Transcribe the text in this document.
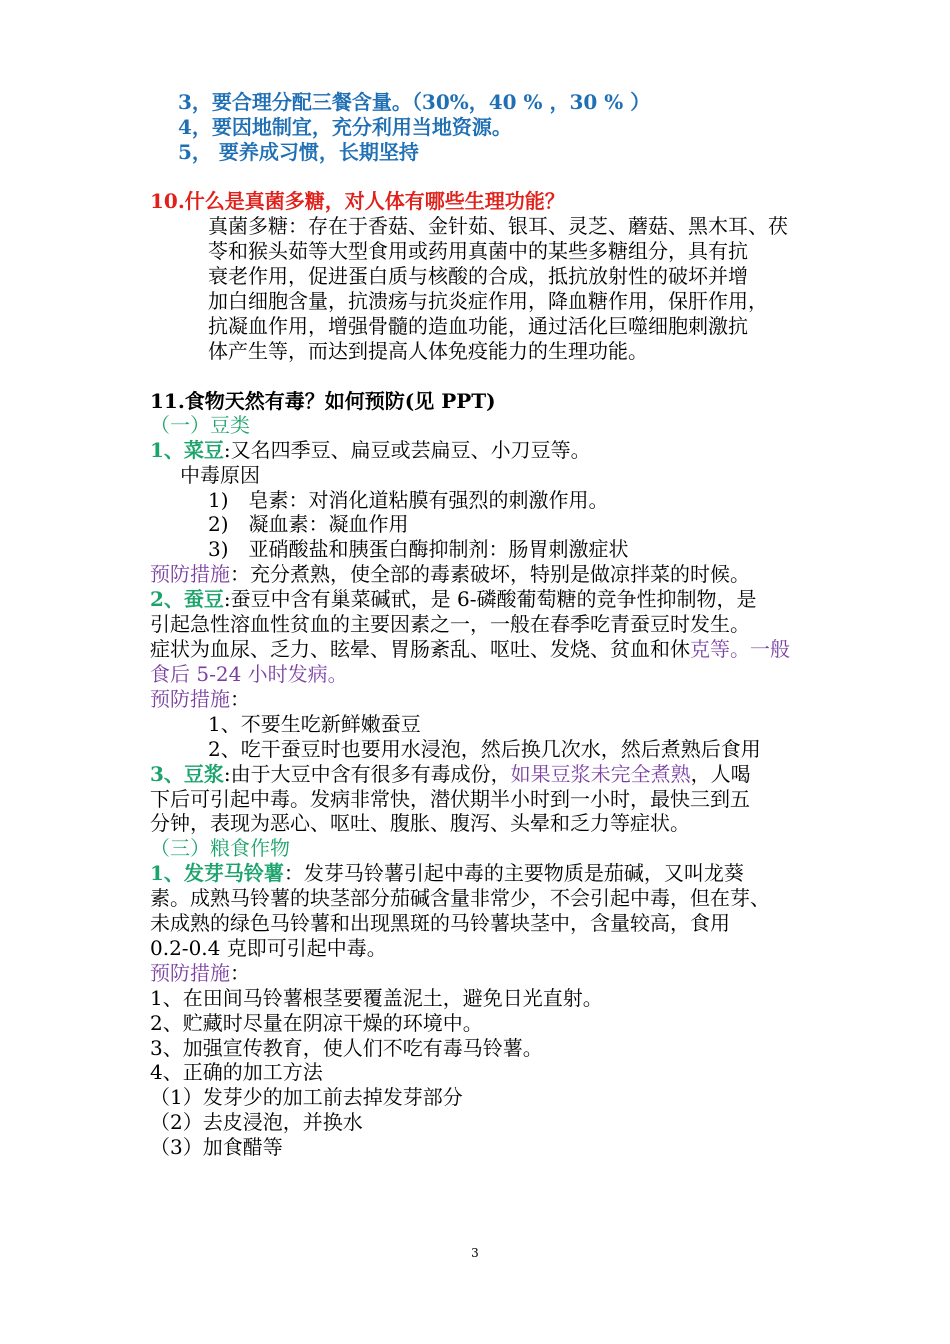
3，要合理分配三餐含量。（30%，40 % ，30 % ）
4，要因地制宜，充分利用当地资源。
5， 要养成习惯，长期坚持
10.什么是真菌多糖，对人体有哪些生理功能？
真菌多糖：存在于香菇、金针茹、银耳、灵芝、蘑菇、黑木耳、茯
苓和猴头茹等大型食用或药用真菌中的某些多糖组分，具有抗
衰老作用，促进蛋白质与核酸的合成，抵抗放射性的破坏并增
加白细胞含量，抗溃疡与抗炎症作用，降血糖作用，保肝作用，
抗凝血作用，增强骨髓的造血功能，通过活化巨噬细胞刺激抗
体产生等，而达到提高人体免疫能力的生理功能。
11.食物天然有毒？如何预防(见 PPT)
（一）豆类
1、菜豆:又名四季豆、扁豆或芸扁豆、小刀豆等。
中毒原因
1)　皂素：对消化道粘膜有强烈的刺激作用。
2)　凝血素：凝血作用
3)　亚硝酸盐和胰蛋白酶抑制剂：肠胃刺激症状
预防措施：充分煮熟，使全部的毒素破坏，特别是做凉拌菜的时候。
2、蚕豆:蚕豆中含有巢菜碱甙，是 6-磷酸葡萄糖的竞争性抑制物，是
引起急性溶血性贫血的主要因素之一，一般在春季吃青蚕豆时发生。
症状为血尿、乏力、眩晕、胃肠紊乱、呕吐、发烧、贫血和休克等。一般
食后 5-24 小时发病。
预防措施：
1、不要生吃新鲜嫩蚕豆
2、吃干蚕豆时也要用水浸泡，然后换几次水，然后煮熟后食用
3、豆浆:由于大豆中含有很多有毒成份，如果豆浆未完全煮熟，人喝
下后可引起中毒。发病非常快，潜伏期半小时到一小时，最快三到五
分钟，表现为恶心、呕吐、腹胀、腹泻、头晕和乏力等症状。
（三）粮食作物
1、发芽马铃薯：发芽马铃薯引起中毒的主要物质是茄碱，又叫龙葵
素。成熟马铃薯的块茎部分茄碱含量非常少，不会引起中毒，但在芽、
未成熟的绿色马铃薯和出现黑斑的马铃薯块茎中，含量较高，食用
0.2-0.4 克即可引起中毒。
预防措施：
1、在田间马铃薯根茎要覆盖泥土，避免日光直射。
2、贮藏时尽量在阴凉干燥的环境中。
3、加强宣传教育，使人们不吃有毒马铃薯。
4、正确的加工方法
（1）发芽少的加工前去掉发芽部分
（2）去皮浸泡，并换水
（3）加食醋等
3
